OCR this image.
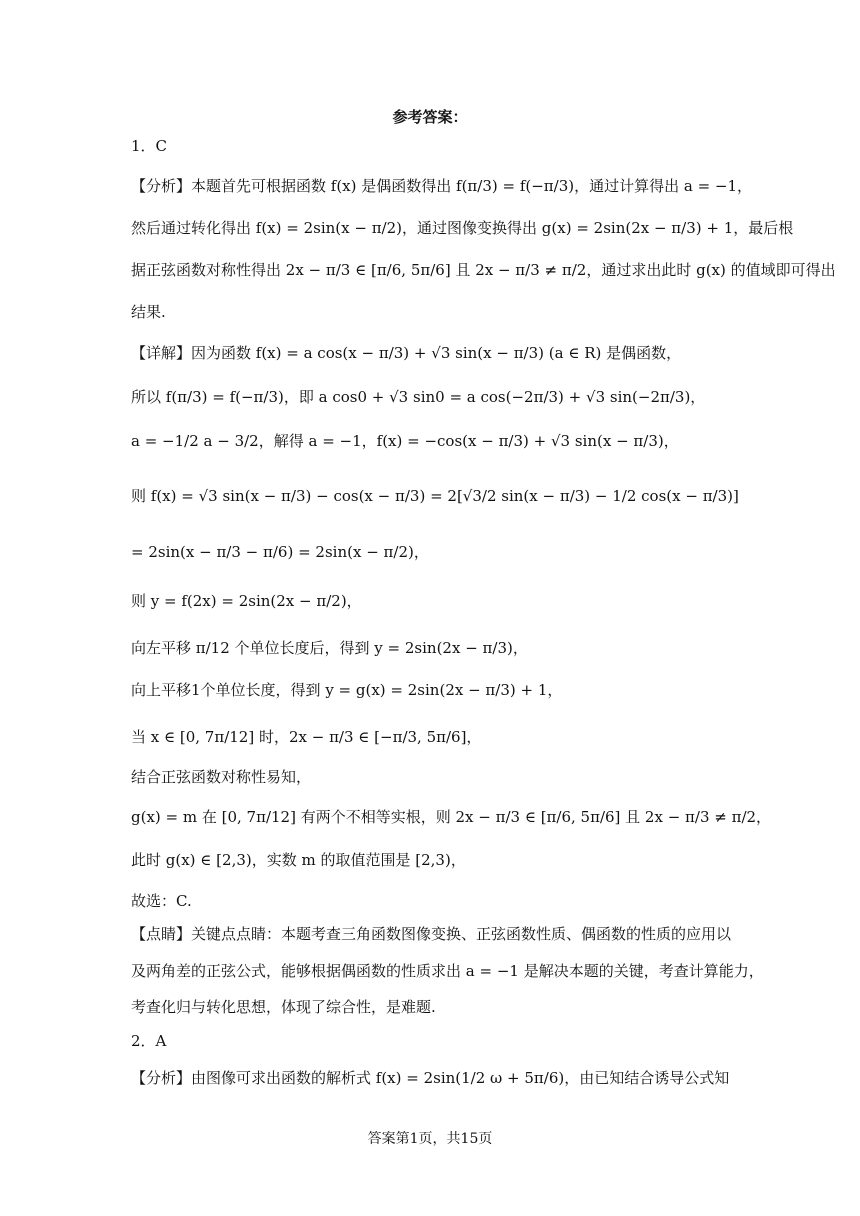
参考答案：
1．C
【分析】本题首先可根据函数 f(x) 是偶函数得出 f(π/3) = f(−π/3)，通过计算得出 a = −1，
然后通过转化得出 f(x) = 2sin(x − π/2)，通过图像变换得出 g(x) = 2sin(2x − π/3) + 1，最后根
据正弦函数对称性得出 2x − π/3 ∈ [π/6, 5π/6] 且 2x − π/3 ≠ π/2，通过求出此时 g(x) 的值域即可得出
结果.
【详解】因为函数 f(x) = a cos(x − π/3) + √3 sin(x − π/3) (a ∈ R) 是偶函数，
所以 f(π/3) = f(−π/3)，即 a cos0 + √3 sin0 = a cos(−2π/3) + √3 sin(−2π/3)，
a = −1/2 a − 3/2，解得 a = −1，f(x) = −cos(x − π/3) + √3 sin(x − π/3)，
则 f(x) = √3 sin(x − π/3) − cos(x − π/3) = 2[√3/2 sin(x − π/3) − 1/2 cos(x − π/3)]
= 2sin(x − π/3 − π/6) = 2sin(x − π/2)，
则 y = f(2x) = 2sin(2x − π/2)，
向左平移 π/12 个单位长度后，得到 y = 2sin(2x − π/3)，
向上平移1个单位长度，得到 y = g(x) = 2sin(2x − π/3) + 1，
当 x ∈ [0, 7π/12] 时，2x − π/3 ∈ [−π/3, 5π/6]，
结合正弦函数对称性易知，
g(x) = m 在 [0, 7π/12] 有两个不相等实根，则 2x − π/3 ∈ [π/6, 5π/6] 且 2x − π/3 ≠ π/2，
此时 g(x) ∈ [2,3)，实数 m 的取值范围是 [2,3)，
故选：C.
【点睛】关键点点睛：本题考查三角函数图像变换、正弦函数性质、偶函数的性质的应用以
及两角差的正弦公式，能够根据偶函数的性质求出 a = −1 是解决本题的关键，考查计算能力，
考查化归与转化思想，体现了综合性，是难题.
2．A
【分析】由图像可求出函数的解析式 f(x) = 2sin(1/2 ω + 5π/6)，由已知结合诱导公式知
答案第1页，共15页
